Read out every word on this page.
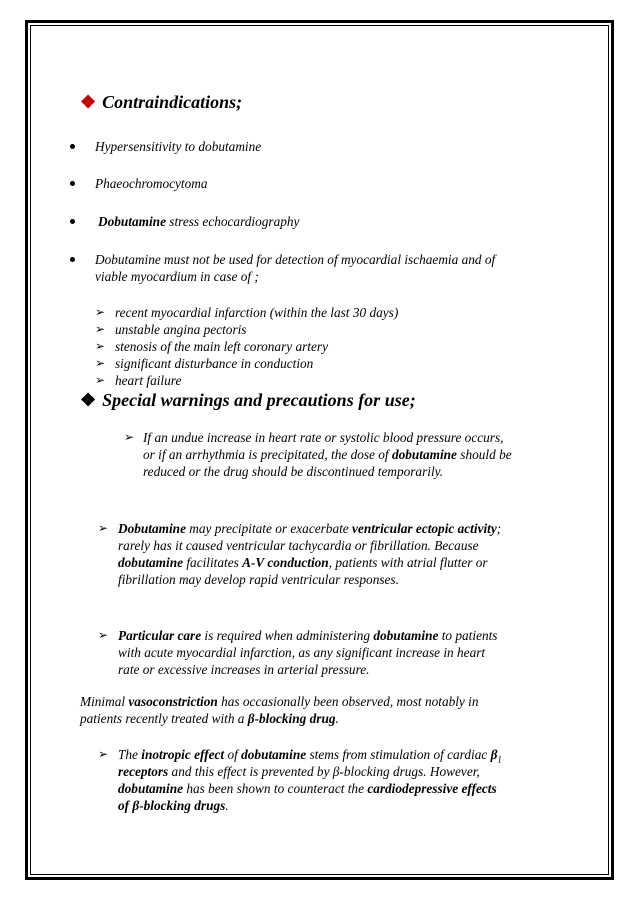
❖ Contraindications;
Hypersensitivity to dobutamine
Phaeochromocytoma
Dobutamine stress echocardiography
Dobutamine must not be used for detection of myocardial ischaemia and of
viable myocardium in case of ;
➢ recent myocardial infarction (within the last 30 days)
➢ unstable angina pectoris
➢ stenosis of the main left coronary artery
➢ significant disturbance in conduction
➢ heart failure
❖ Special warnings and precautions for use;
➢ If an undue increase in heart rate or systolic blood pressure occurs,
or if an arrhythmia is precipitated, the dose of dobutamine should be
reduced or the drug should be discontinued temporarily.
➢ Dobutamine may precipitate or exacerbate ventricular ectopic activity;
rarely has it caused ventricular tachycardia or fibrillation. Because
dobutamine facilitates A-V conduction, patients with atrial flutter or
fibrillation may develop rapid ventricular responses.
➢ Particular care is required when administering dobutamine to patients
with acute myocardial infarction, as any significant increase in heart
rate or excessive increases in arterial pressure.
Minimal vasoconstriction has occasionally been observed, most notably in
patients recently treated with a β-blocking drug.
➢ The inotropic effect of dobutamine stems from stimulation of cardiac $\beta_1$
receptors and this effect is prevented by β-blocking drugs. However,
dobutamine has been shown to counteract the cardiodepressive effects
of β-blocking drugs.
